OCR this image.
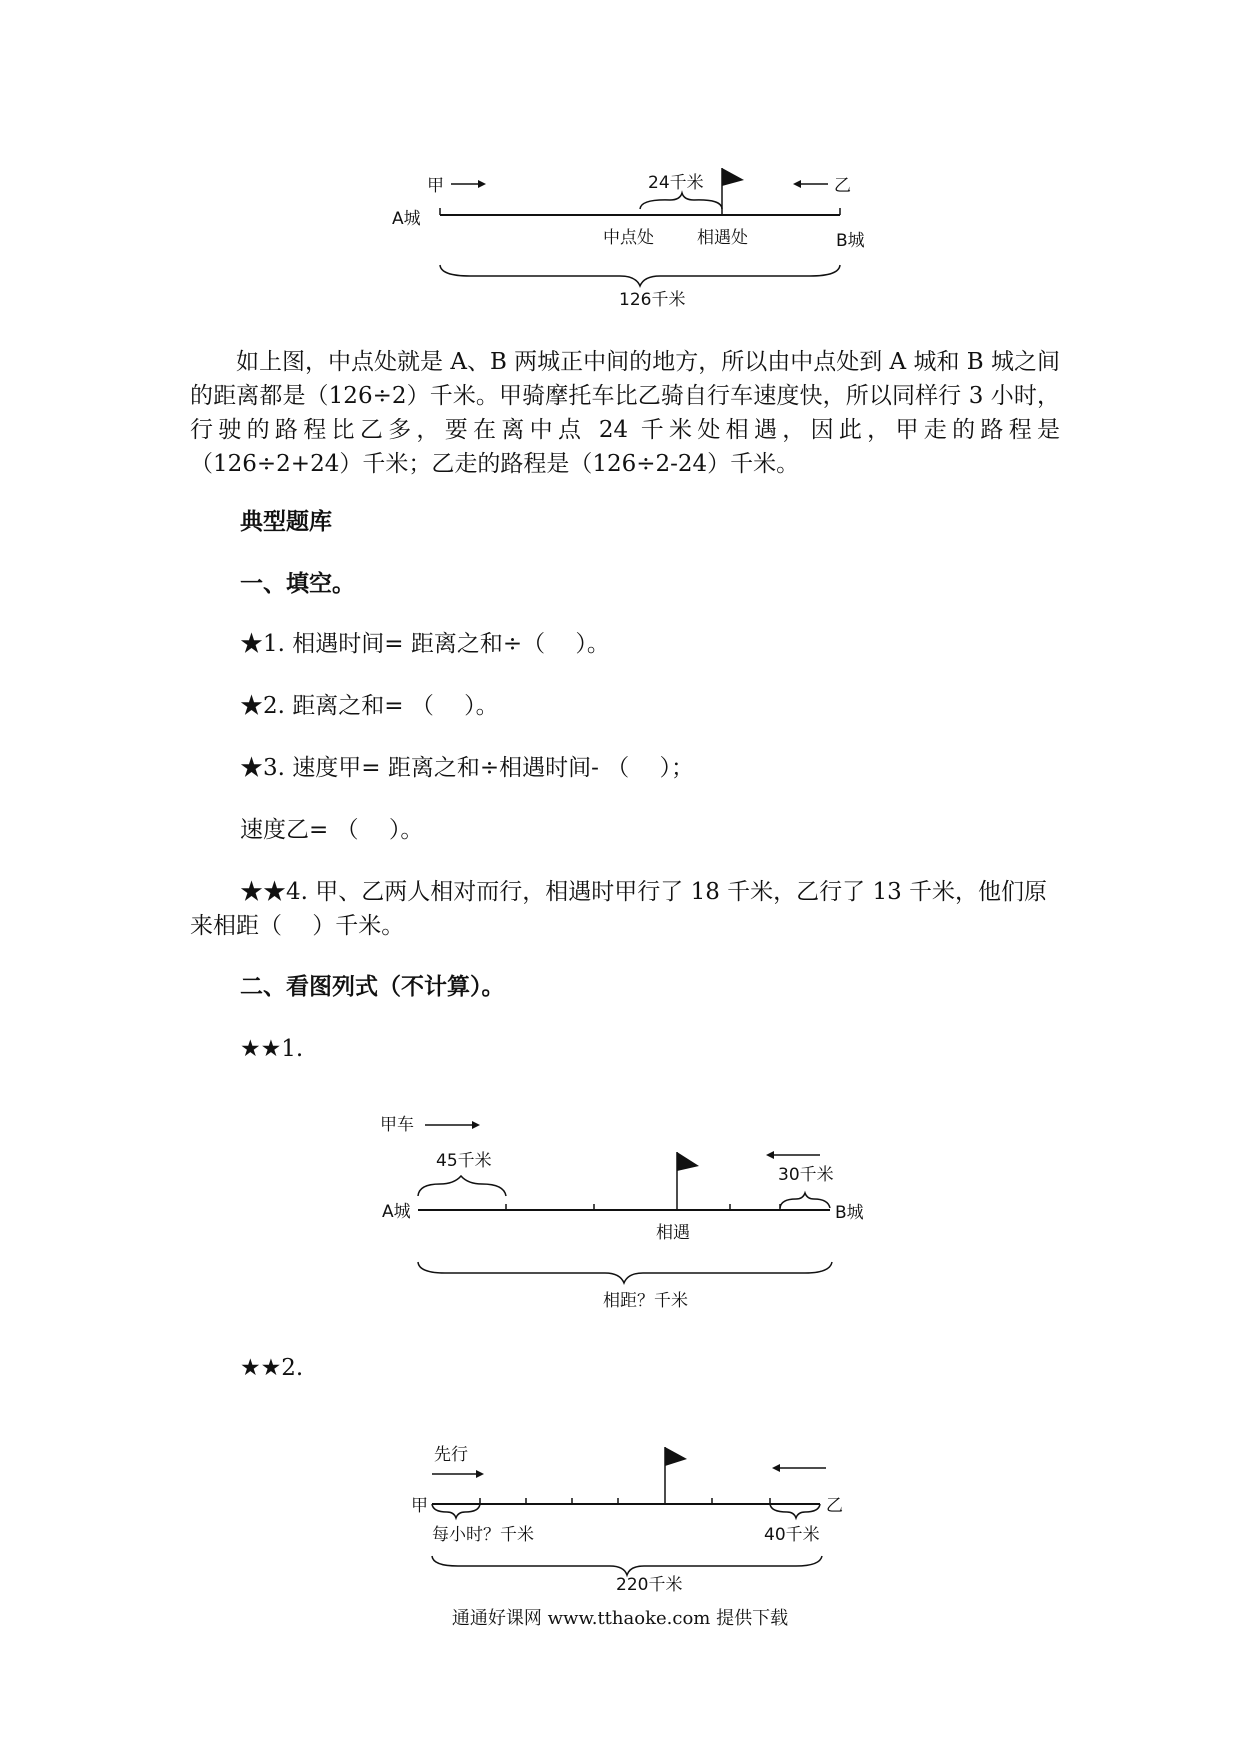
甲	24千米	乙
A城
中点处	相遇处	B城
126千米

如上图，中点处就是 A、B 两城正中间的地方，所以由中点处到 A 城和 B 城之间的距离都是（126÷2）千米。甲骑摩托车比乙骑自行车速度快，所以同样行 3 小时，行驶的路程比乙多，要在离中点 24 千米处相遇，因此，甲走的路程是（126÷2+24）千米；乙走的路程是（126÷2-24）千米。

典型题库

一、填空。

★1. 相遇时间= 距离之和÷（　 ）。

★2. 距离之和= （　 ）。

★3. 速度甲= 距离之和÷相遇时间- （　 ）；

速度乙= （　 ）。

★★4. 甲、乙两人相对而行，相遇时甲行了 18 千米，乙行了 13 千米，他们原来相距（　 ）千米。

二、看图列式（不计算）。

★★1.

甲车
45千米
30千米
A城	B城
相遇
相距？千米

★★2.

先行
甲	乙
每小时？千米	40千米
220千米
通通好课网 www.tthaoke.com 提供下载
